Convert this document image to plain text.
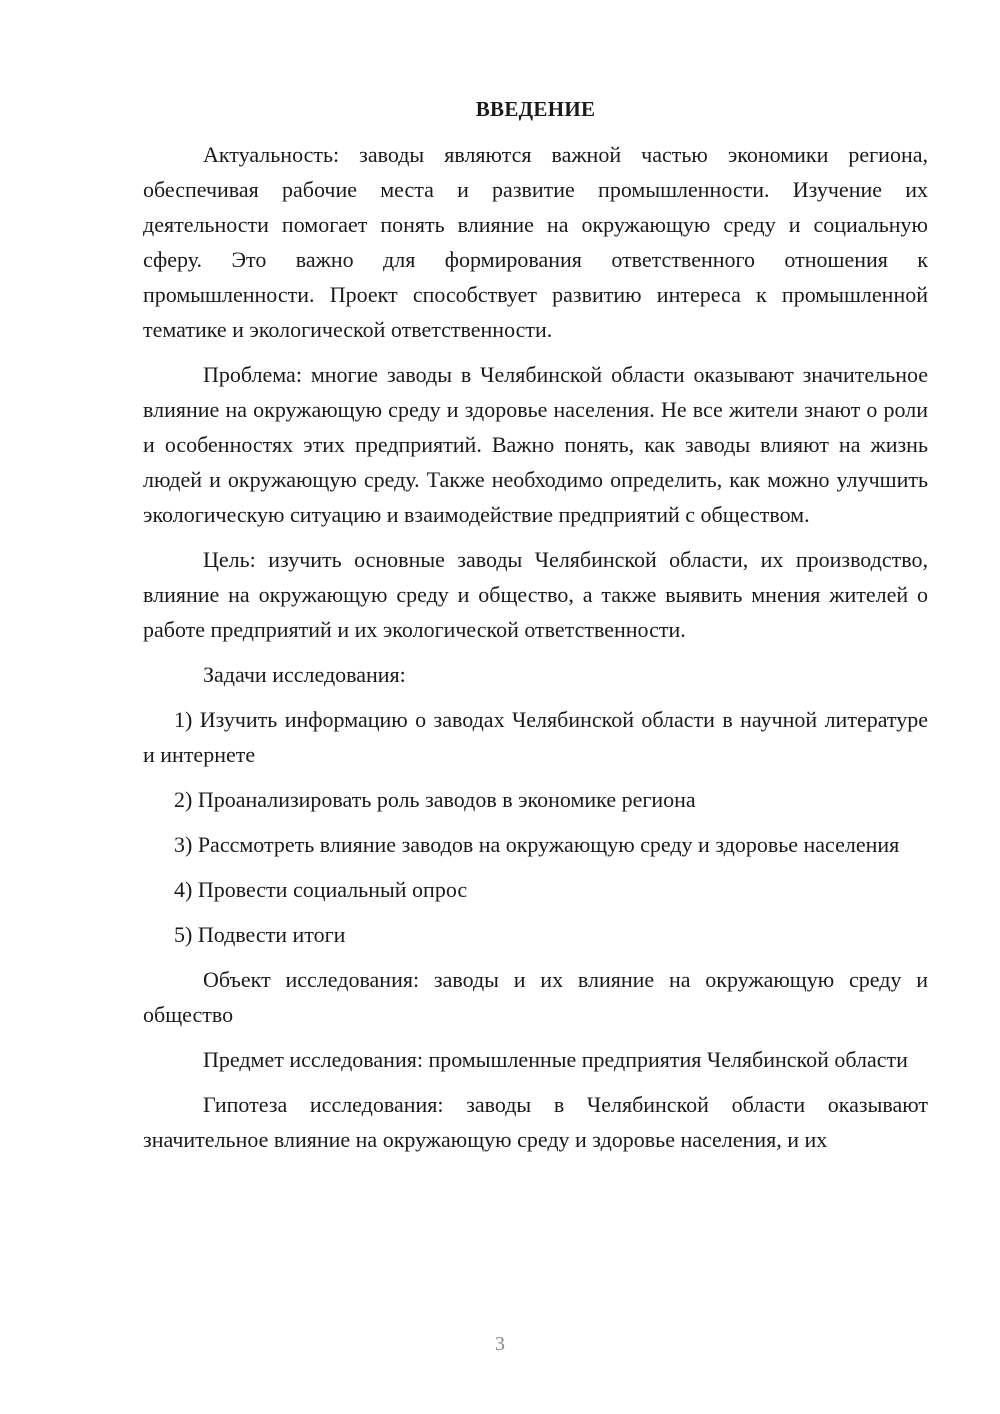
ВВЕДЕНИЕ

Актуальность: заводы являются важной частью экономики региона, обеспечивая рабочие места и развитие промышленности. Изучение их деятельности помогает понять влияние на окружающую среду и социальную сферу. Это важно для формирования ответственного отношения к промышленности. Проект способствует развитию интереса к промышленной тематике и экологической ответственности.

Проблема: многие заводы в Челябинской области оказывают значительное влияние на окружающую среду и здоровье населения. Не все жители знают о роли и особенностях этих предприятий. Важно понять, как заводы влияют на жизнь людей и окружающую среду. Также необходимо определить, как можно улучшить экологическую ситуацию и взаимодействие предприятий с обществом.

Цель: изучить основные заводы Челябинской области, их производство, влияние на окружающую среду и общество, а также выявить мнения жителей о работе предприятий и их экологической ответственности.

Задачи исследования:

1) Изучить информацию о заводах Челябинской области в научной литературе и интернете

2) Проанализировать роль заводов в экономике региона

3) Рассмотреть влияние заводов на окружающую среду и здоровье населения

4) Провести социальный опрос

5) Подвести итоги

Объект исследования: заводы и их влияние на окружающую среду и общество

Предмет исследования: промышленные предприятия Челябинской области

Гипотеза исследования: заводы в Челябинской области оказывают значительное влияние на окружающую среду и здоровье населения, и их

3
